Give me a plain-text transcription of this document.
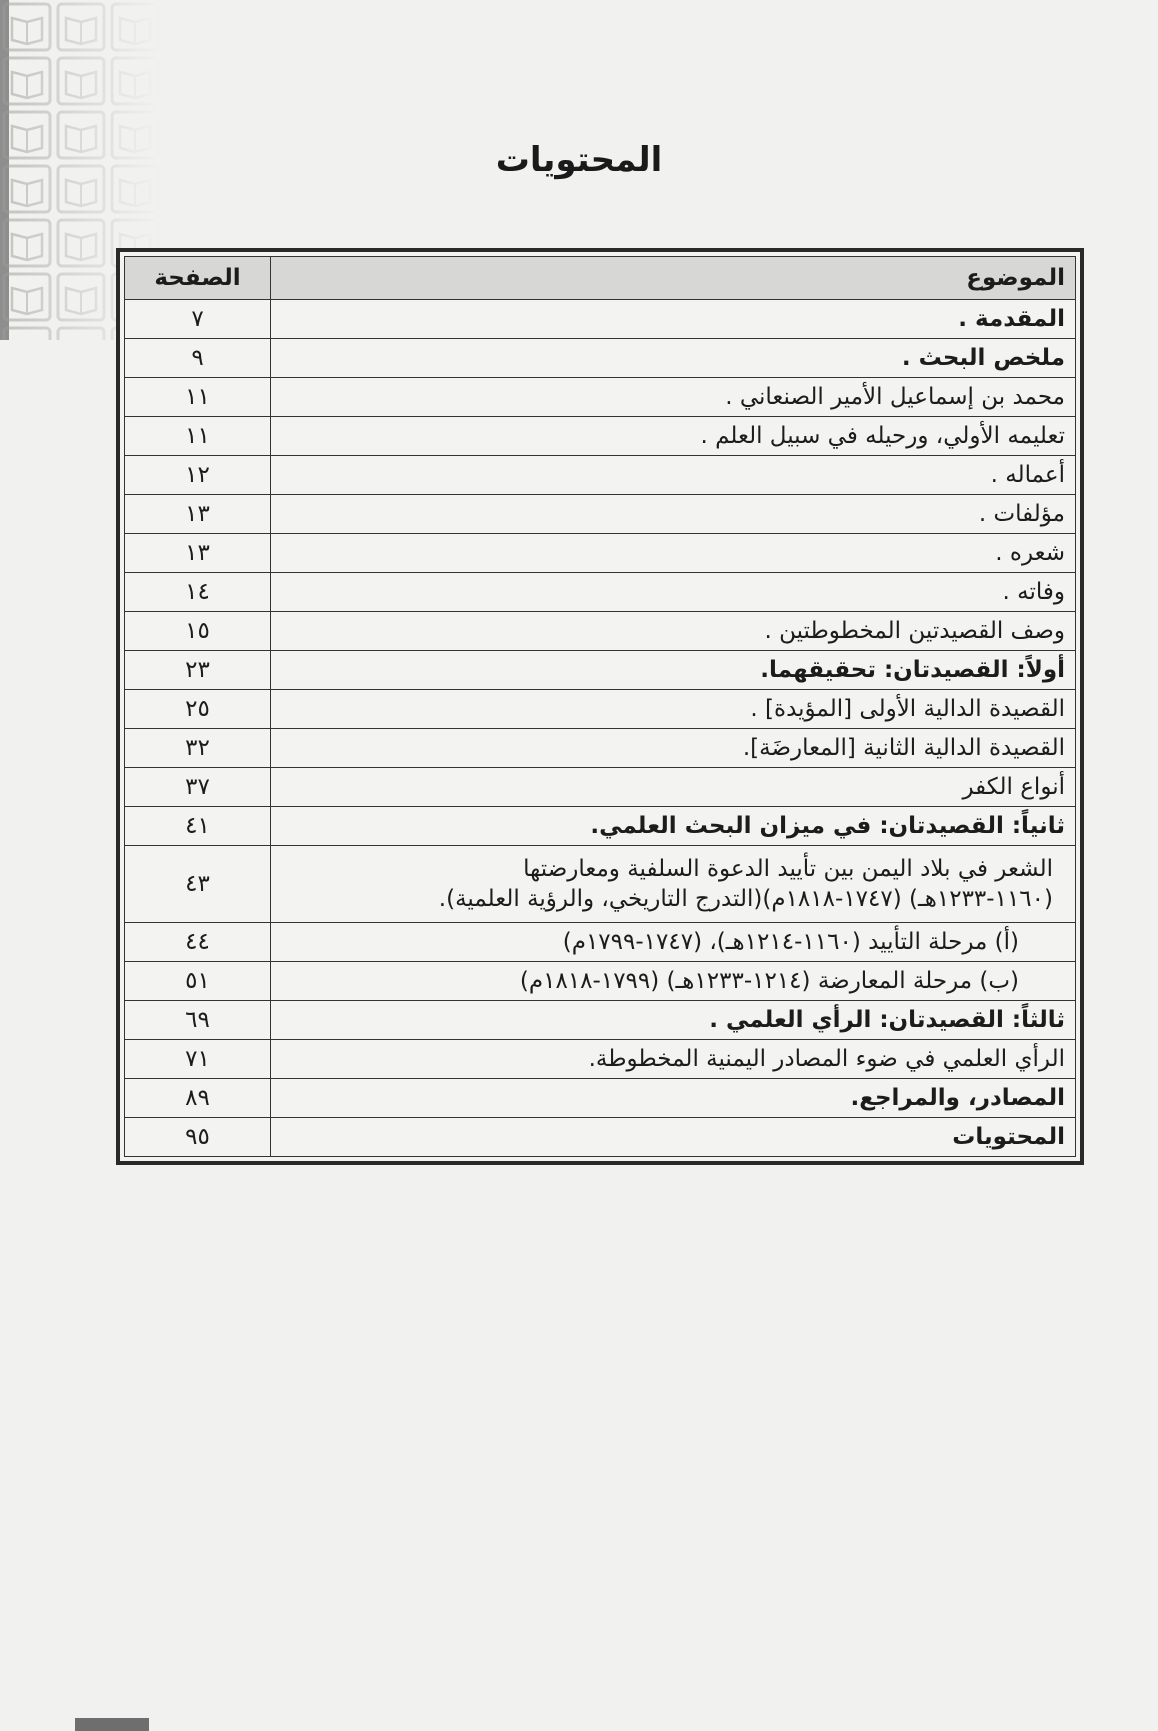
المحتويات
الموضوع	الصفحة

المقدمة .	٧

ملخص البحث .	٩

محمد بن إسماعيل الأمير الصنعاني .	١١

تعليمه الأولي، ورحيله في سبيل العلم .	١١

أعماله .	١٢

مؤلفات .	١٣

شعره .	١٣

وفاته .	١٤

وصف القصيدتين المخطوطتين .	١٥

أولاً: القصيدتان: تحقيقهما.	٢٣

القصيدة الدالية الأولى [المؤيدة] .	٢٥

القصيدة الدالية الثانية [المعارضَة].	٣٢

أنواع الكفر	٣٧

ثانياً: القصيدتان: في ميزان البحث العلمي.	٤١

الشعر في بلاد اليمن بين تأييد الدعوة السلفية ومعارضتها
(١١٦٠-١٢٣٣هـ) (١٧٤٧-١٨١٨م)(التدرج التاريخي، والرؤية العلمية).	٤٣

(أ) مرحلة التأييد (١١٦٠-١٢١٤هـ)، (١٧٤٧-١٧٩٩م)	٤٤

(ب) مرحلة المعارضة (١٢١٤-١٢٣٣هـ) (١٧٩٩-١٨١٨م)	٥١

ثالثاً: القصيدتان: الرأي العلمي .	٦٩

الرأي العلمي في ضوء المصادر اليمنية المخطوطة.	٧١

المصادر، والمراجع.	٨٩

المحتويات	٩٥
